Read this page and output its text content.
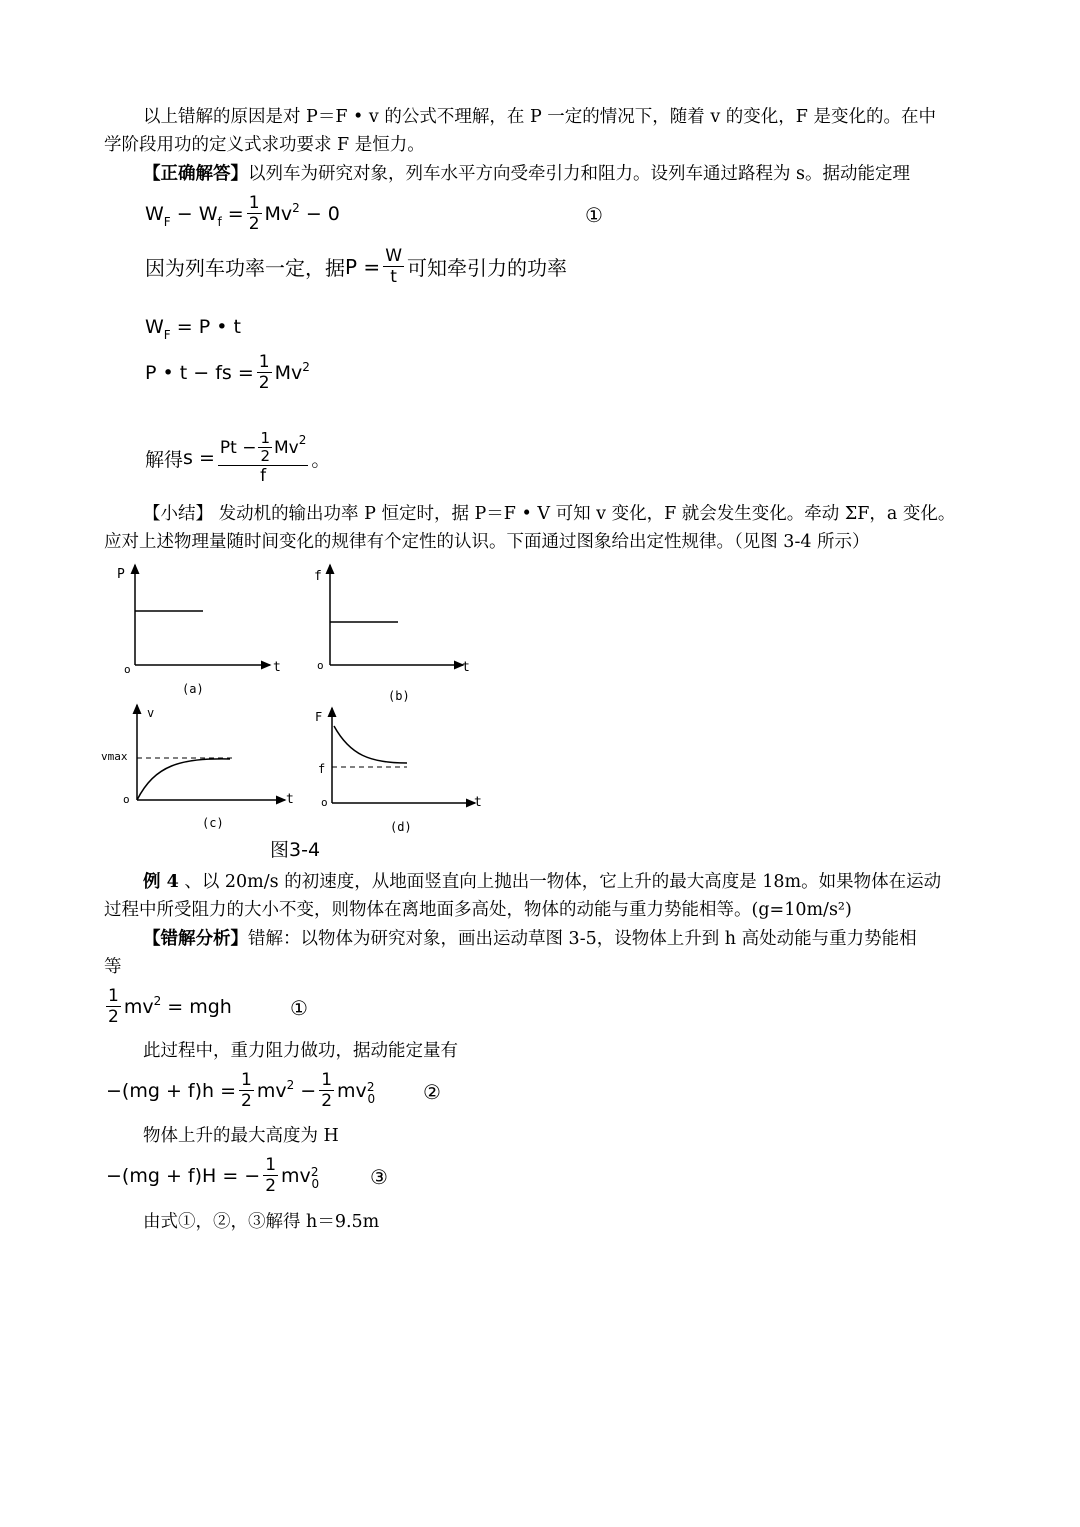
以上错解的原因是对 P＝F • v 的公式不理解，在 P 一定的情况下，随着 v 的变化，F 是变化的。在中
学阶段用功的定义式求功要求 F 是恒力。
【正确解答】以列车为研究对象，列车水平方向受牵引力和阻力。设列车通过路程为 s。据动能定理
$W_F - W_f = \frac{1}{2} Mv^2 - 0$	①
因为列车功率一定，据 $P = \frac{W}{t}$ 可知牵引力的功率
$W_F = P$ • t
P • t − fs = $\frac{1}{2} Mv^2$
解得 $s = \frac{Pt - \frac{1}{2} Mv 2}{f}$ 。
【小结】 发动机的输出功率 P 恒定时，据 P＝F • V 可知 v 变化，F 就会发生变化。牵动 ΣF，a 变化。
应对上述物理量随时间变化的规律有个定性的认识。下面通过图象给出定性规律。（见图 3-4 所示）
P
o	t
(a)
f
o	t
(b)
v
vmax
o	t
(c)
F
f
o	t
(d)
图3-4
例 4 、以 20m/s 的初速度，从地面竖直向上抛出一物体，它上升的最大高度是 18m。如果物体在运动
过程中所受阻力的大小不变，则物体在离地面多高处，物体的动能与重力势能相等。(g=10m/s²)
【错解分析】错解：以物体为研究对象，画出运动草图 3-5，设物体上升到 h 高处动能与重力势能相
等
$\frac{1}{2} mv^2$ = mgh	①
此过程中，重力阻力做功，据动能定量有
$-(mg + f)h = \frac{1}{2} mv^2 - \frac{1}{2} mv^2_0$ ②
物体上升的最大高度为 H
−(mg + f)H = − $\frac{1}{2} mv^2_0$	③
由式①，②，③解得 h＝9.5m
